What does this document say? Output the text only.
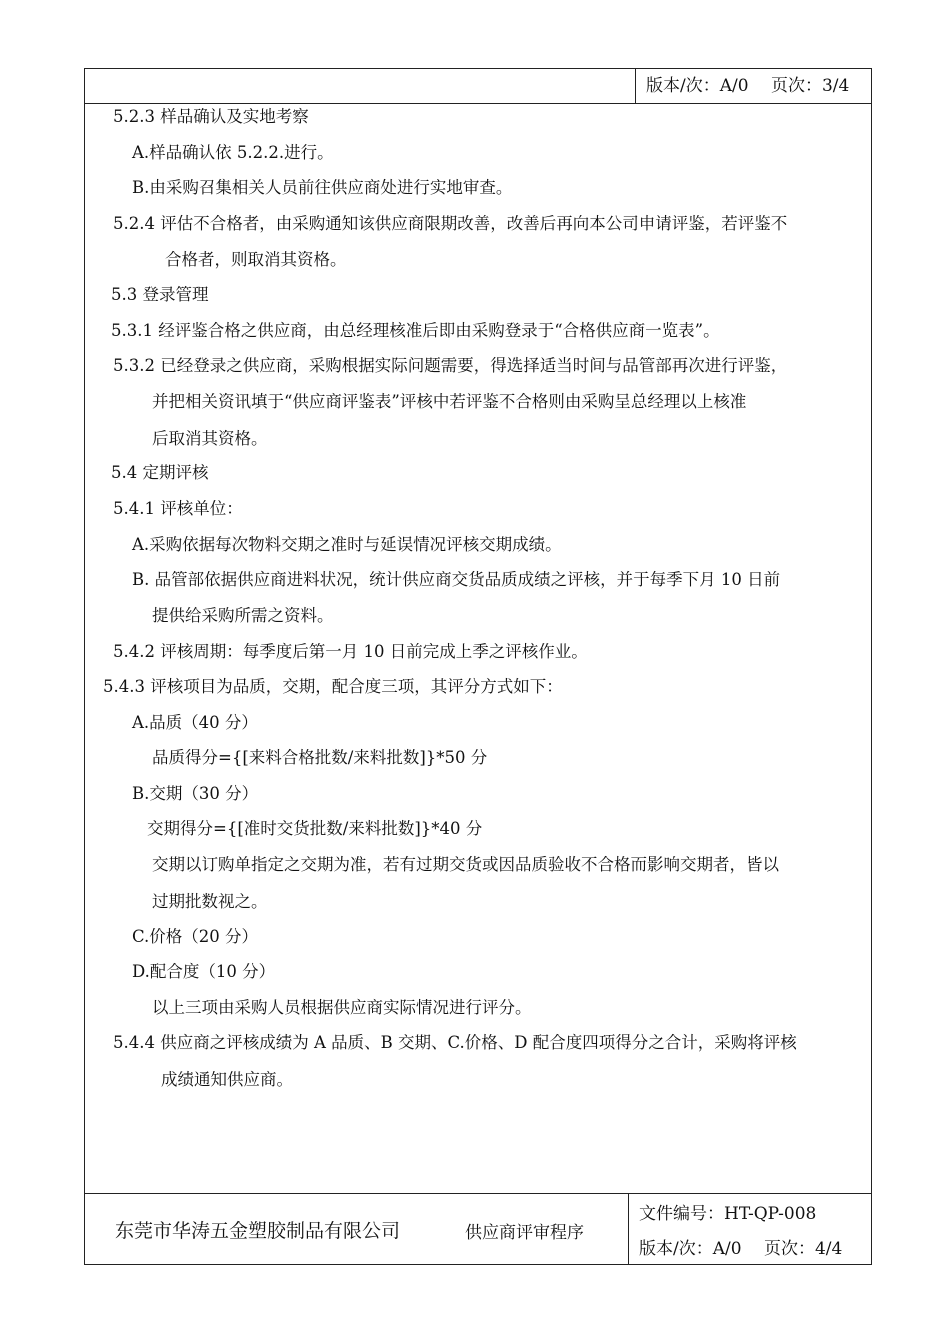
版本/次：A/0　 页次：3/4
5.2.3 样品确认及实地考察
A.样品确认依 5.2.2.进行。
B.由采购召集相关人员前往供应商处进行实地审查。
5.2.4 评估不合格者，由采购通知该供应商限期改善，改善后再向本公司申请评鉴，若评鉴不
合格者，则取消其资格。
5.3 登录管理
5.3.1 经评鉴合格之供应商，由总经理核准后即由采购登录于“合格供应商一览表”。
5.3.2 已经登录之供应商，采购根据实际问题需要，得选择适当时间与品管部再次进行评鉴，
并把相关资讯填于“供应商评鉴表”评核中若评鉴不合格则由采购呈总经理以上核准
后取消其资格。
5.4 定期评核
5.4.1 评核单位：
A.采购依据每次物料交期之准时与延误情况评核交期成绩。
B. 品管部依据供应商进料状况，统计供应商交货品质成绩之评核，并于每季下月 10 日前
提供给采购所需之资料。
5.4.2 评核周期：每季度后第一月 10 日前完成上季之评核作业。
5.4.3 评核项目为品质，交期，配合度三项，其评分方式如下：
A.品质（40 分）
品质得分={[来料合格批数/来料批数]}*50 分
B.交期（30 分）
交期得分={[准时交货批数/来料批数]}*40 分
交期以订购单指定之交期为准，若有过期交货或因品质验收不合格而影响交期者，皆以
过期批数视之。
C.价格（20 分）
D.配合度（10 分）
以上三项由采购人员根据供应商实际情况进行评分。
5.4.4 供应商之评核成绩为 A 品质、B 交期、C.价格、D 配合度四项得分之合计，采购将评核
成绩通知供应商。
东莞市华涛五金塑胶制品有限公司	供应商评审程序
文件编号：HT-QP-008
版本/次：A/0　 页次：4/4
